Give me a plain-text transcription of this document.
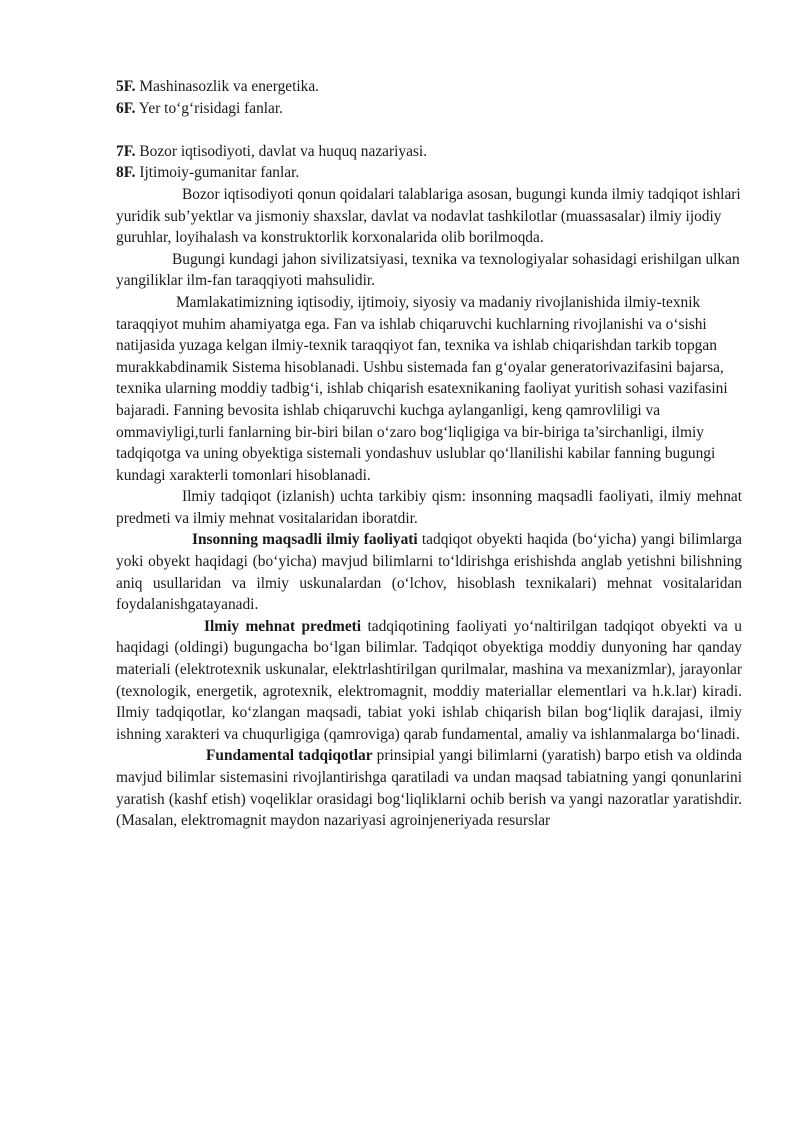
5F. Mashinasozlik va energetika.

6F. Yer to‘g‘risidagi fanlar.

7F. Bozor iqtisodiyoti, davlat va huquq nazariyasi.

8F. Ijtimoiy-gumanitar fanlar.

Bozor iqtisodiyoti qonun qoidalari talablariga asosan, bugungi kunda ilmiy tadqiqot ishlari yuridik sub’yektlar va jismoniy shaxslar, davlat va nodavlat tashkilotlar (muassasalar) ilmiy ijodiy guruhlar, loyihalash va konstruktorlik korxonalarida olib borilmoqda.

Bugungi kundagi jahon sivilizatsiyasi, texnika va texnologiyalar sohasidagi erishilgan ulkan yangiliklar ilm-fan taraqqiyoti mahsulidir.

Mamlakatimizning iqtisodiy, ijtimoiy, siyosiy va madaniy rivojlanishida ilmiy-texnik taraqqiyot muhim ahamiyatga ega. Fan va ishlab chiqaruvchi kuchlarning rivojlanishi va o‘sishi natijasida yuzaga kelgan ilmiy-texnik taraqqiyot fan, texnika va ishlab chiqarishdan tarkib topgan murakkabdinamik Sistema hisoblanadi. Ushbu sistemada fan g‘oyalar generatorivazifasini bajarsa, texnika ularning moddiy tadbig‘i, ishlab chiqarish esatexnikaning faoliyat yuritish sohasi vazifasini bajaradi. Fanning bevosita ishlab chiqaruvchi kuchga aylanganligi, keng qamrovliligi va ommaviyligi,turli fanlarning bir-biri bilan o‘zaro bog‘liqligiga va bir-biriga ta’sirchanligi, ilmiy tadqiqotga va uning obyektiga sistemali yondashuv uslublar qo‘llanilishi kabilar fanning bugungi kundagi xarakterli tomonlari hisoblanadi.

Ilmiy tadqiqot (izlanish) uchta tarkibiy qism: insonning maqsadli faoliyati, ilmiy mehnat predmeti va ilmiy mehnat vositalaridan iboratdir.

Insonning maqsadli ilmiy faoliyati tadqiqot obyekti haqida (bo‘yicha) yangi bilimlarga yoki obyekt haqidagi (bo‘yicha) mavjud bilimlarni to‘ldirishga erishishda anglab yetishni bilishning aniq usullaridan va ilmiy uskunalardan (o‘lchov, hisoblash texnikalari) mehnat vositalaridan foydalanishgatayanadi.

Ilmiy mehnat predmeti tadqiqotining faoliyati yo‘naltirilgan tadqiqot obyekti va u haqidagi (oldingi) bugungacha bo‘lgan bilimlar. Tadqiqot obyektiga moddiy dunyoning har qanday materiali (elektrotexnik uskunalar, elektrlashtirilgan qurilmalar, mashina va mexanizmlar), jarayonlar (texnologik, energetik, agrotexnik, elektromagnit, moddiy materiallar elementlari va h.k.lar) kiradi. Ilmiy tadqiqotlar, ko‘zlangan maqsadi, tabiat yoki ishlab chiqarish bilan bog‘liqlik darajasi, ilmiy ishning xarakteri va chuqurligiga (qamroviga) qarab fundamental, amaliy va ishlanmalarga bo‘linadi.

Fundamental tadqiqotlar prinsipial yangi bilimlarni (yaratish) barpo etish va oldinda mavjud bilimlar sistemasini rivojlantirishga qaratiladi va undan maqsad tabiatning yangi qonunlarini yaratish (kashf etish) voqeliklar orasidagi bog‘liqliklarni ochib berish va yangi nazoratlar yaratishdir. (Masalan, elektromagnit maydon nazariyasi agroinjeneriyada resurslar
